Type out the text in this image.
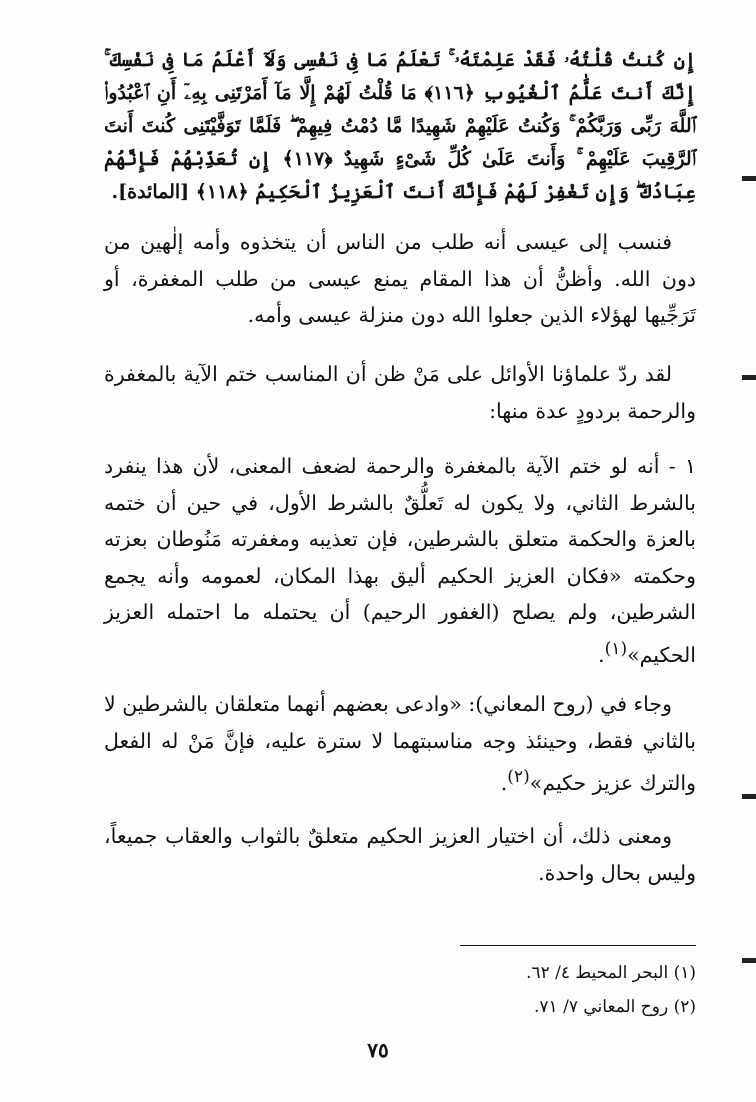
إِن كُنتُ قُلْتُهُۥ فَقَدْ عَلِمْتَهُۥ ۚ تَعْلَمُ مَا فِى نَفْسِى وَلَآ أَعْلَمُ مَا فِى نَفْسِكَ ۚ إِنَّكَ أَنتَ عَلَّٰمُ ٱلْغُيُوبِ ﴿١١٦﴾ مَا قُلْتُ لَهُمْ إِلَّا مَآ أَمَرْتَنِى بِهِۦٓ أَنِ ٱعْبُدُوا۟ ٱللَّهَ رَبِّى وَرَبَّكُمْ ۚ وَكُنتُ عَلَيْهِمْ شَهِيدًا مَّا دُمْتُ فِيهِمْ ۖ فَلَمَّا تَوَفَّيْتَنِى كُنتَ أَنتَ ٱلرَّقِيبَ عَلَيْهِمْ ۚ وَأَنتَ عَلَىٰ كُلِّ شَىْءٍ شَهِيدٌ ﴿١١٧﴾ إِن تُعَذِّبْهُمْ فَإِنَّهُمْ عِبَادُكَ ۖ وَإِن تَغْفِرْ لَهُمْ فَإِنَّكَ أَنتَ ٱلْعَزِيزُ ٱلْحَكِيمُ ﴿١١٨﴾ [المائدة].
فنسب إلى عيسى أنه طلب من الناس أن يتخذوه وأمه إلٰهين من دون الله. وأظنُّ أن هذا المقام يمنع عيسى من طلب المغفرة، أو تَرَجِّيها لهؤلاء الذين جعلوا الله دون منزلة عيسى وأمه.
لقد ردّ علماؤنا الأوائل على مَنْ ظن أن المناسب ختم الآية بالمغفرة والرحمة بردودٍ عدة منها:
١ - أنه لو ختم الآية بالمغفرة والرحمة لضعف المعنى، لأن هذا ينفرد بالشرط الثاني، ولا يكون له تَعلُّقٌ بالشرط الأول، في حين أن ختمه بالعزة والحكمة متعلق بالشرطين، فإن تعذيبه ومغفرته مَنُوطان بعزته وحكمته «فكان العزيز الحكيم أليق بهذا المكان، لعمومه وأنه يجمع الشرطين، ولم يصلح (الغفور الرحيم) أن يحتمله ما احتمله العزيز الحكيم»$^{(١)}$.
وجاء في (روح المعاني): «وادعى بعضهم أنهما متعلقان بالشرطين لا بالثاني فقط، وحينئذ وجه مناسبتهما لا سترة عليه، فإنَّ مَنْ له الفعل والترك عزيز حكيم»$^{(٢)}$.
ومعنى ذلك، أن اختيار العزيز الحكيم متعلقٌ بالثواب والعقاب جميعاً، وليس بحال واحدة.
(١) البحر المحيط ٤/ ٦٢.
(٢) روح المعاني ٧/ ٧١.
٧٥
